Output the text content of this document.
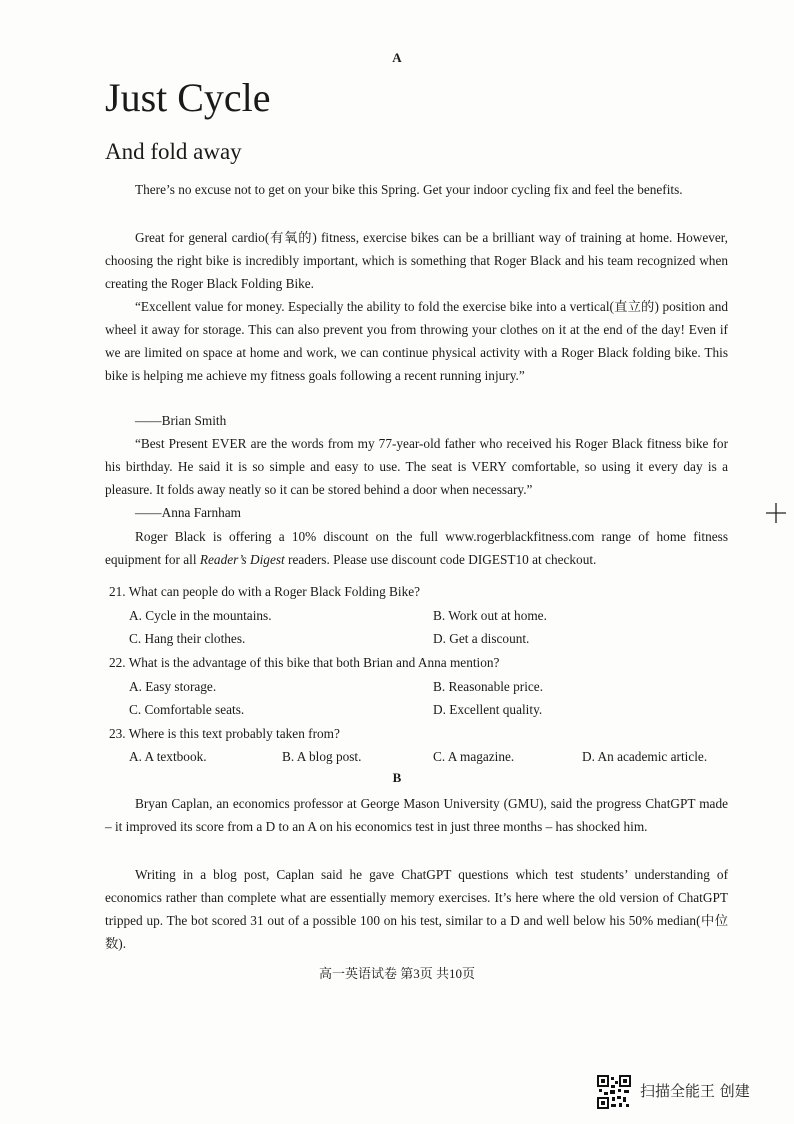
A
Just Cycle
And fold away

There’s no excuse not to get on your bike this Spring. Get your indoor cycling fix and feel the benefits.

Great for general cardio(有氧的) fitness, exercise bikes can be a brilliant way of training at home. However, choosing the right bike is incredibly important, which is something that Roger Black and his team recognized when creating the Roger Black Folding Bike.

“Excellent value for money. Especially the ability to fold the exercise bike into a vertical(直立的) position and wheel it away for storage. This can also prevent you from throwing your clothes on it at the end of the day! Even if we are limited on space at home and work, we can continue physical activity with a Roger Black folding bike. This bike is helping me achieve my fitness goals following a recent running injury.”

——Brian Smith

“Best Present EVER are the words from my 77-year-old father who received his Roger Black fitness bike for his birthday. He said it is so simple and easy to use. The seat is VERY comfortable, so using it every day is a pleasure. It folds away neatly so it can be stored behind a door when necessary.”

——Anna Farnham

Roger Black is offering a 10% discount on the full www.rogerblackfitness.com range of home fitness equipment for all Reader’s Digest readers. Please use discount code DIGEST10 at checkout.

21. What can people do with a Roger Black Folding Bike?
A. Cycle in the mountains.	B. Work out at home.
C. Hang their clothes.	D. Get a discount.
22. What is the advantage of this bike that both Brian and Anna mention?
A. Easy storage.	B. Reasonable price.
C. Comfortable seats.	D. Excellent quality.
23. Where is this text probably taken from?
A. A textbook.	B. A blog post.	C. A magazine.	D. An academic article.
B

Bryan Caplan, an economics professor at George Mason University (GMU), said the progress ChatGPT made – it improved its score from a D to an A on his economics test in just three months – has shocked him.

Writing in a blog post, Caplan said he gave ChatGPT questions which test students’ understanding of economics rather than complete what are essentially memory exercises. It’s here where the old version of ChatGPT tripped up. The bot scored 31 out of a possible 100 on his test, similar to a D and well below his 50% median(中位数).

高一英语试卷 第3页 共10页
扫描全能王 创建
